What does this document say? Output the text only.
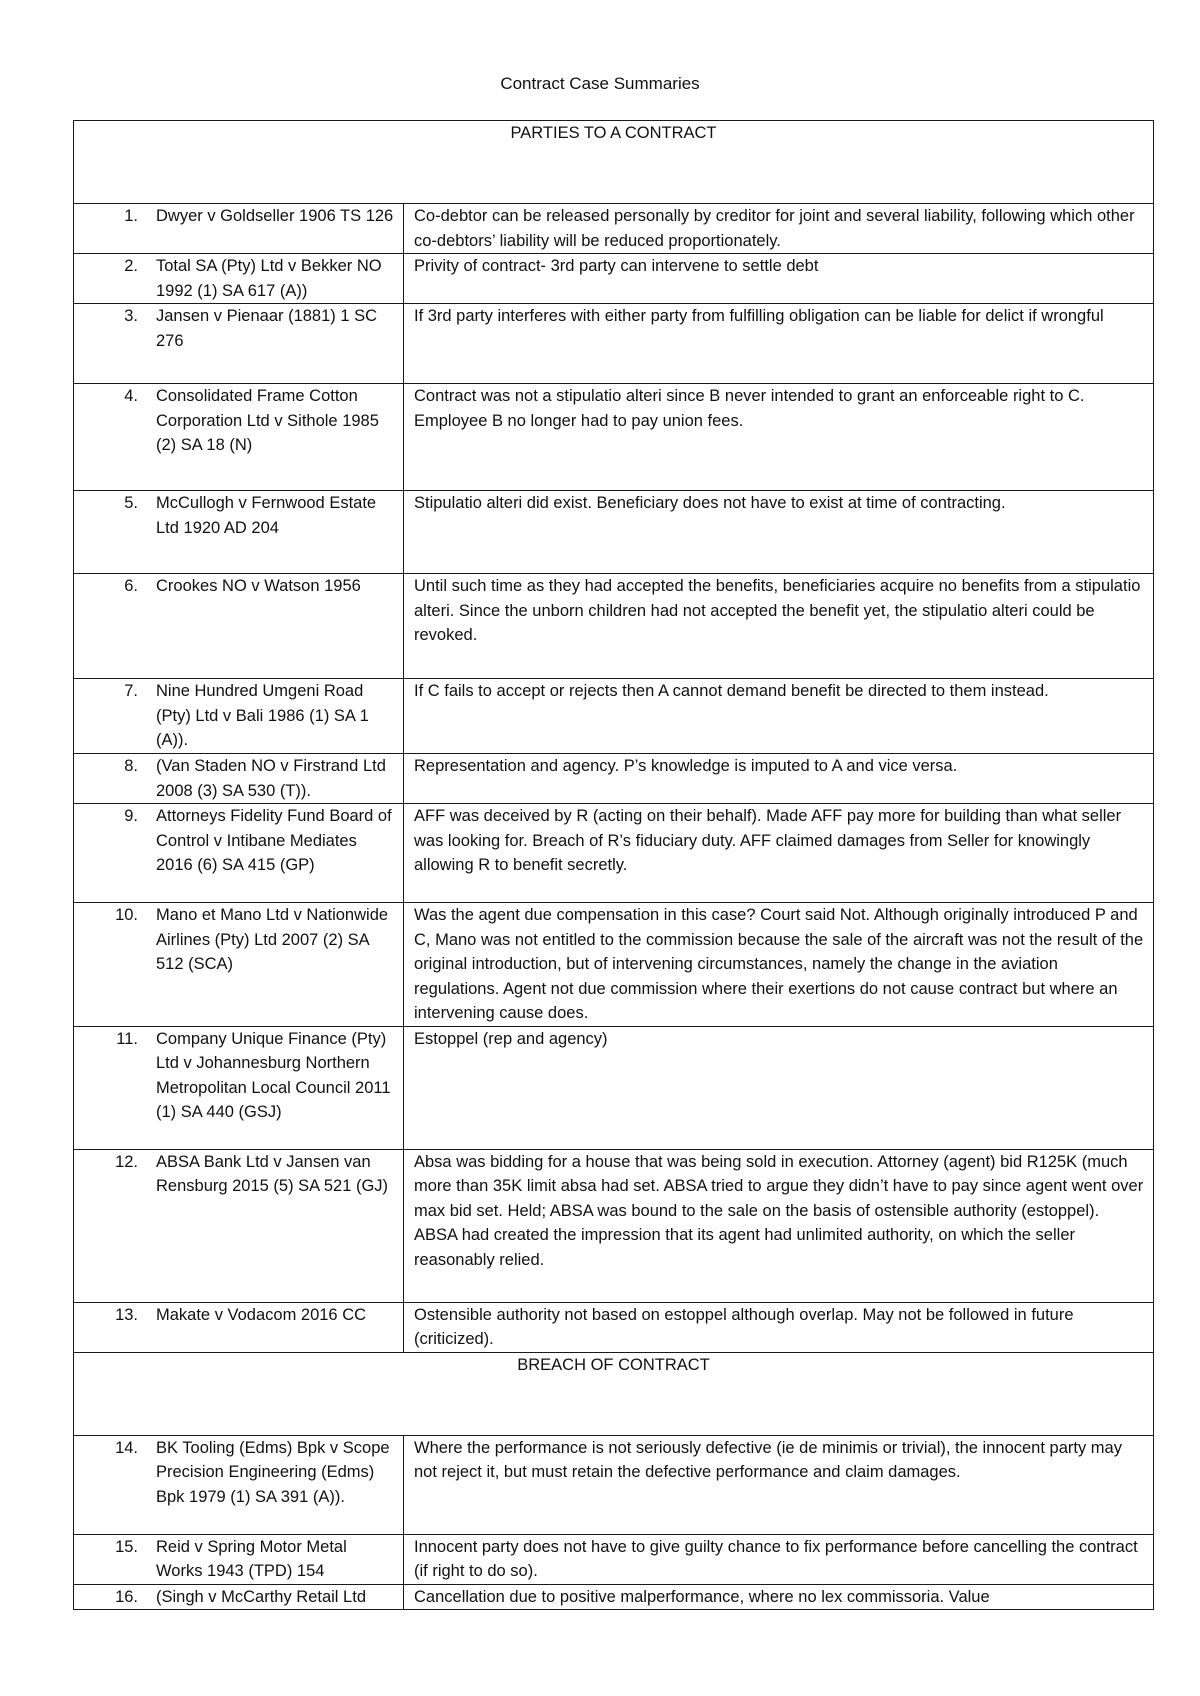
Contract Case Summaries
PARTIES TO A CONTRACT	

1. Dwyer v Goldseller 1906 TS 126	Co-debtor can be released personally by creditor for joint and several liability, following which other co-debtors’ liability will be reduced proportionately.

2. Total SA (Pty) Ltd v Bekker NO 1992 (1) SA 617 (A))	Privity of contract- 3rd party can intervene to settle debt

3. Jansen v Pienaar (1881) 1 SC 276	If 3rd party interferes with either party from fulfilling obligation can be liable for delict if wrongful

4. Consolidated Frame Cotton Corporation Ltd v Sithole 1985 (2) SA 18 (N)	Contract was not a stipulatio alteri since B never intended to grant an enforceable right to C. Employee B no longer had to pay union fees.

5. McCullogh v Fernwood Estate Ltd 1920 AD 204	Stipulatio alteri did exist. Beneficiary does not have to exist at time of contracting.

6. Crookes NO v Watson 1956	Until such time as they had accepted the benefits, beneficiaries acquire no benefits from a stipulatio alteri. Since the unborn children had not accepted the benefit yet, the stipulatio alteri could be revoked.

7. Nine Hundred Umgeni Road (Pty) Ltd v Bali 1986 (1) SA 1 (A)).	If C fails to accept or rejects then A cannot demand benefit be directed to them instead.

8. (Van Staden NO v Firstrand Ltd 2008 (3) SA 530 (T)).	Representation and agency. P’s knowledge is imputed to A and vice versa.

9. Attorneys Fidelity Fund Board of Control v Intibane Mediates 2016 (6) SA 415 (GP)	AFF was deceived by R (acting on their behalf). Made AFF pay more for building than what seller was looking for. Breach of R’s fiduciary duty. AFF claimed damages from Seller for knowingly allowing R to benefit secretly.

10. Mano et Mano Ltd v Nationwide Airlines (Pty) Ltd 2007 (2) SA 512 (SCA)	Was the agent due compensation in this case? Court said Not. Although originally introduced P and C, Mano was not entitled to the commission because the sale of the aircraft was not the result of the original introduction, but of intervening circumstances, namely the change in the aviation regulations. Agent not due commission where their exertions do not cause contract but where an intervening cause does.

11. Company Unique Finance (Pty) Ltd v Johannesburg Northern Metropolitan Local Council 2011 (1) SA 440 (GSJ)	Estoppel (rep and agency)

12. ABSA Bank Ltd v Jansen van Rensburg 2015 (5) SA 521 (GJ)	Absa was bidding for a house that was being sold in execution. Attorney (agent) bid R125K (much more than 35K limit absa had set. ABSA tried to argue they didn’t have to pay since agent went over max bid set. Held; ABSA was bound to the sale on the basis of ostensible authority (estoppel). ABSA had created the impression that its agent had unlimited authority, on which the seller reasonably relied.

13. Makate v Vodacom 2016 CC	Ostensible authority not based on estoppel although overlap. May not be followed in future (criticized).
BREACH OF CONTRACT	

14. BK Tooling (Edms) Bpk v Scope Precision Engineering (Edms) Bpk 1979 (1) SA 391 (A)).	Where the performance is not seriously defective (ie de minimis or trivial), the innocent party may not reject it, but must retain the defective performance and claim damages.

15. Reid v Spring Motor Metal Works 1943 (TPD) 154	Innocent party does not have to give guilty chance to fix performance before cancelling the contract (if right to do so).

16. (Singh v McCarthy Retail Ltd	Cancellation due to positive malperformance, where no lex commissoria. Value
